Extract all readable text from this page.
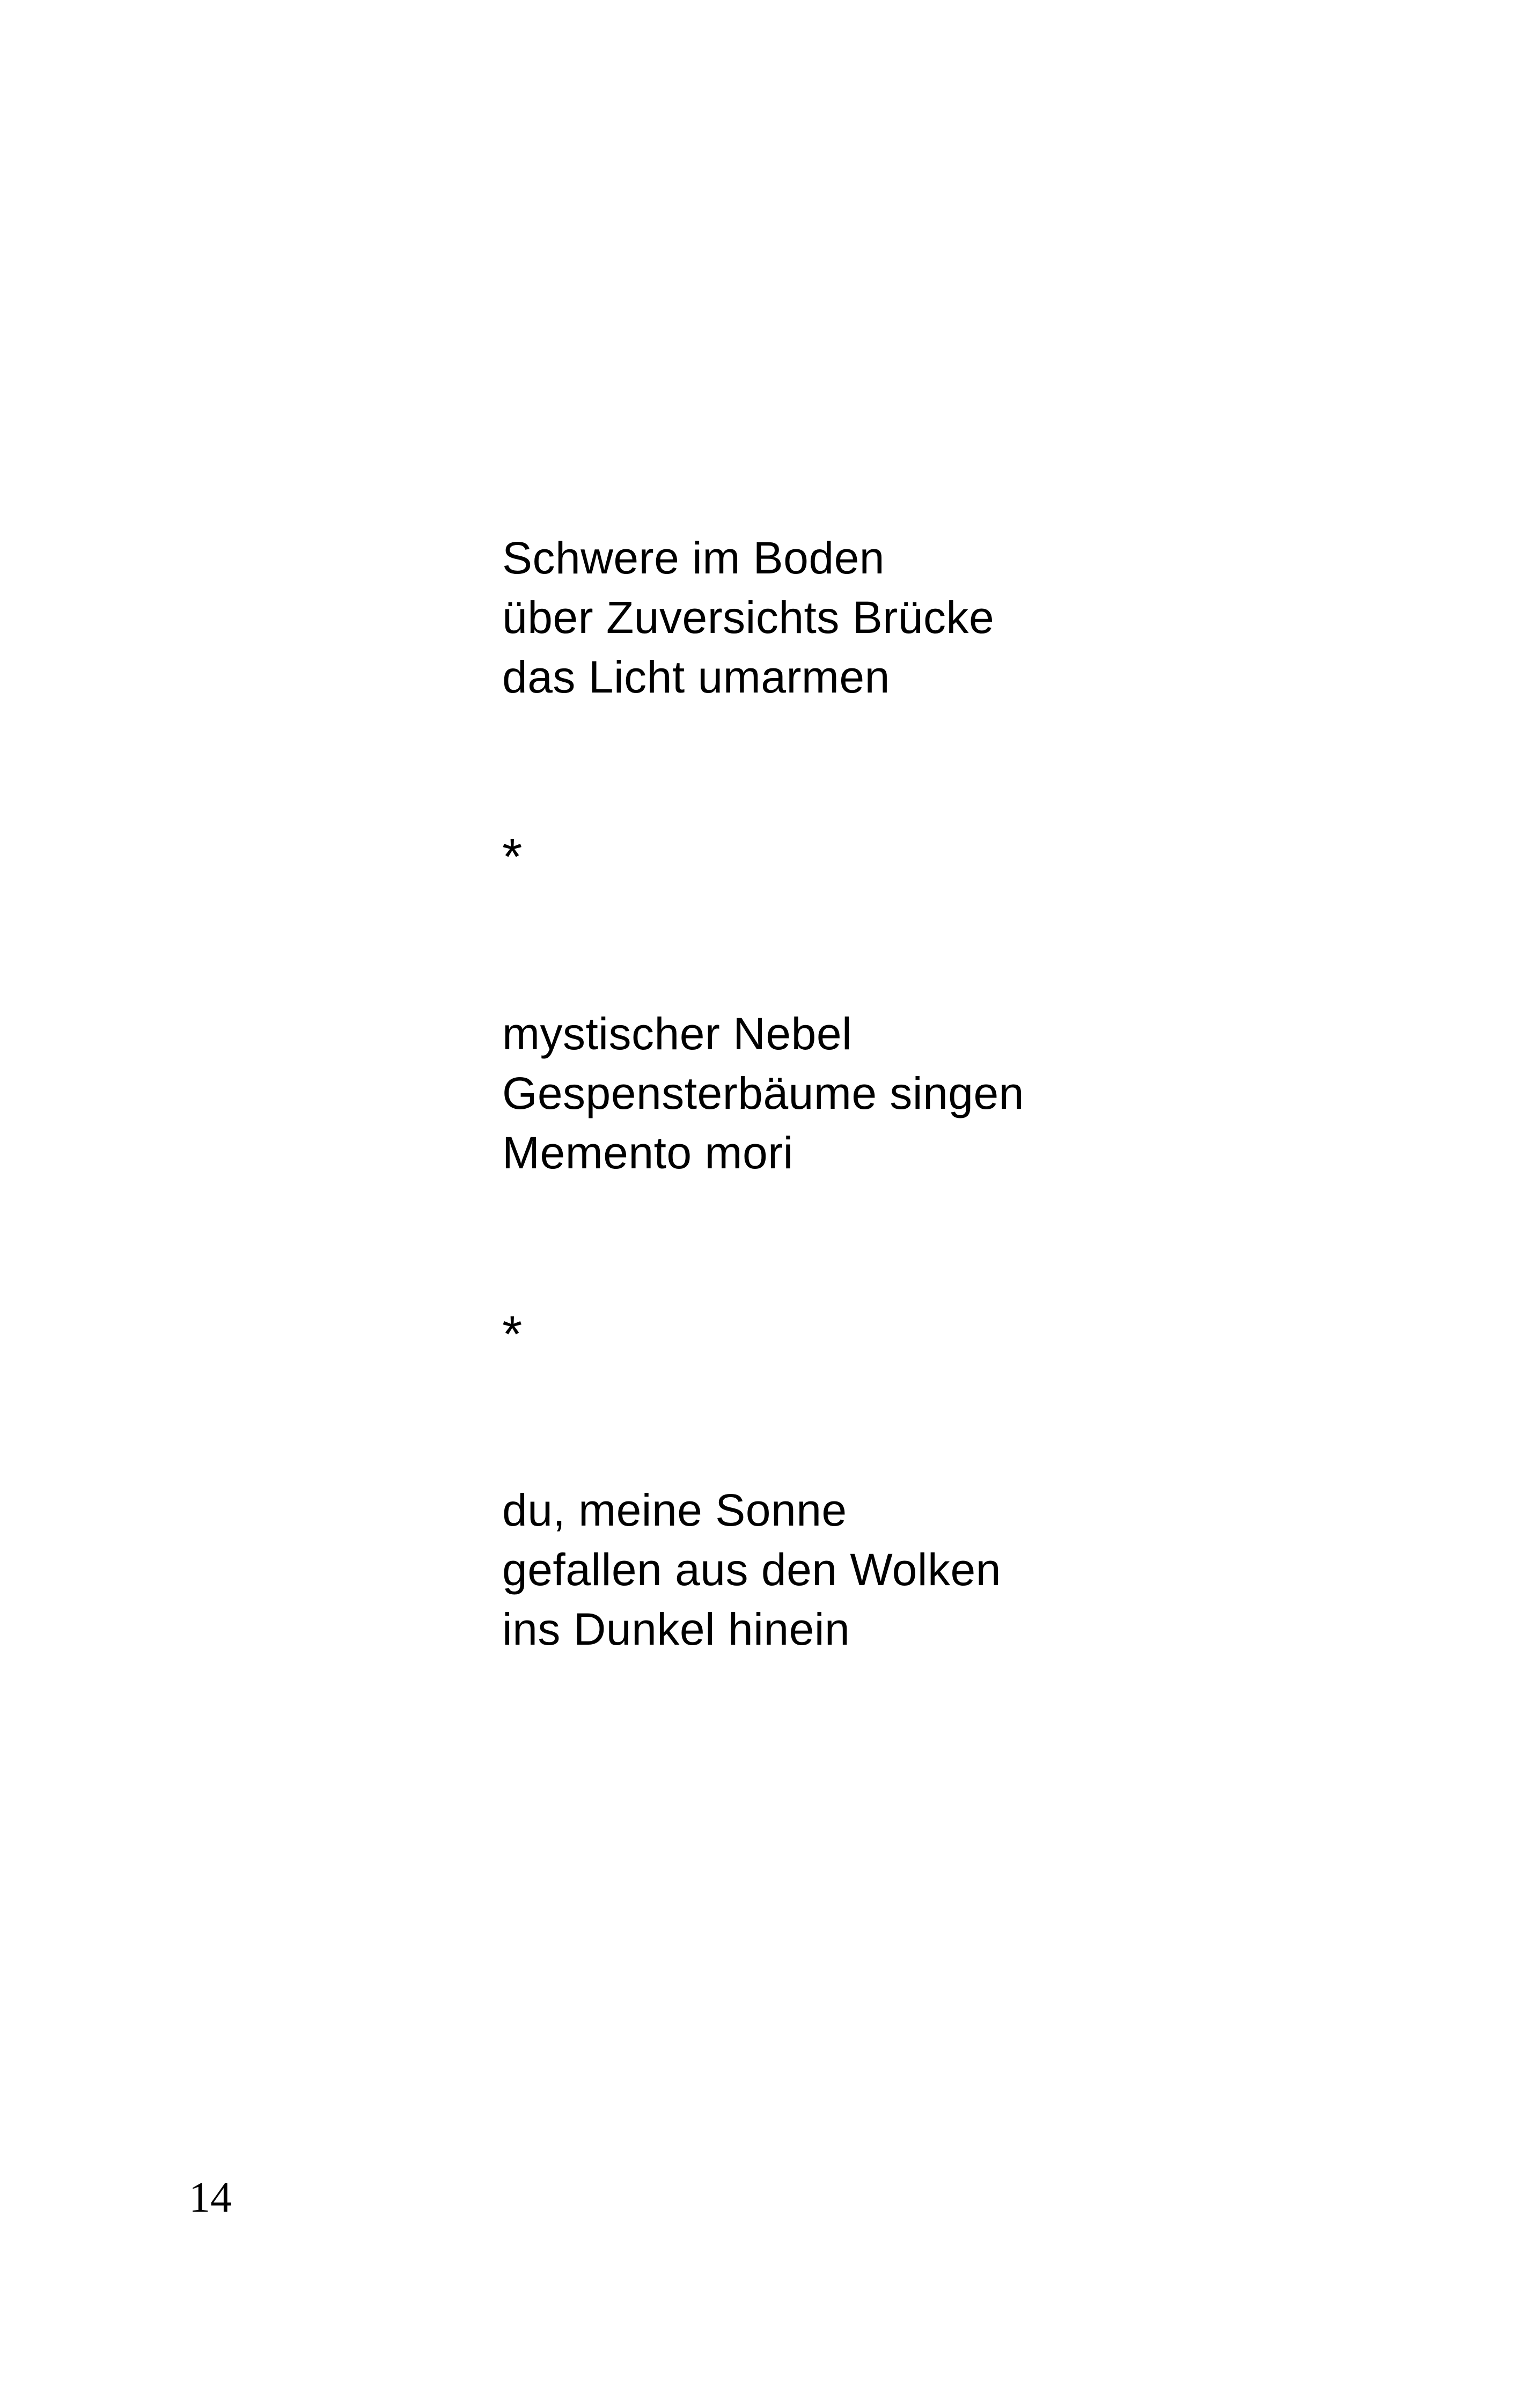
Schwere im Boden
über Zuversichts Brücke
das Licht umarmen
*
mystischer Nebel
Gespensterbäume singen
Memento mori
*
du, meine Sonne
gefallen aus den Wolken
ins Dunkel hinein
14
